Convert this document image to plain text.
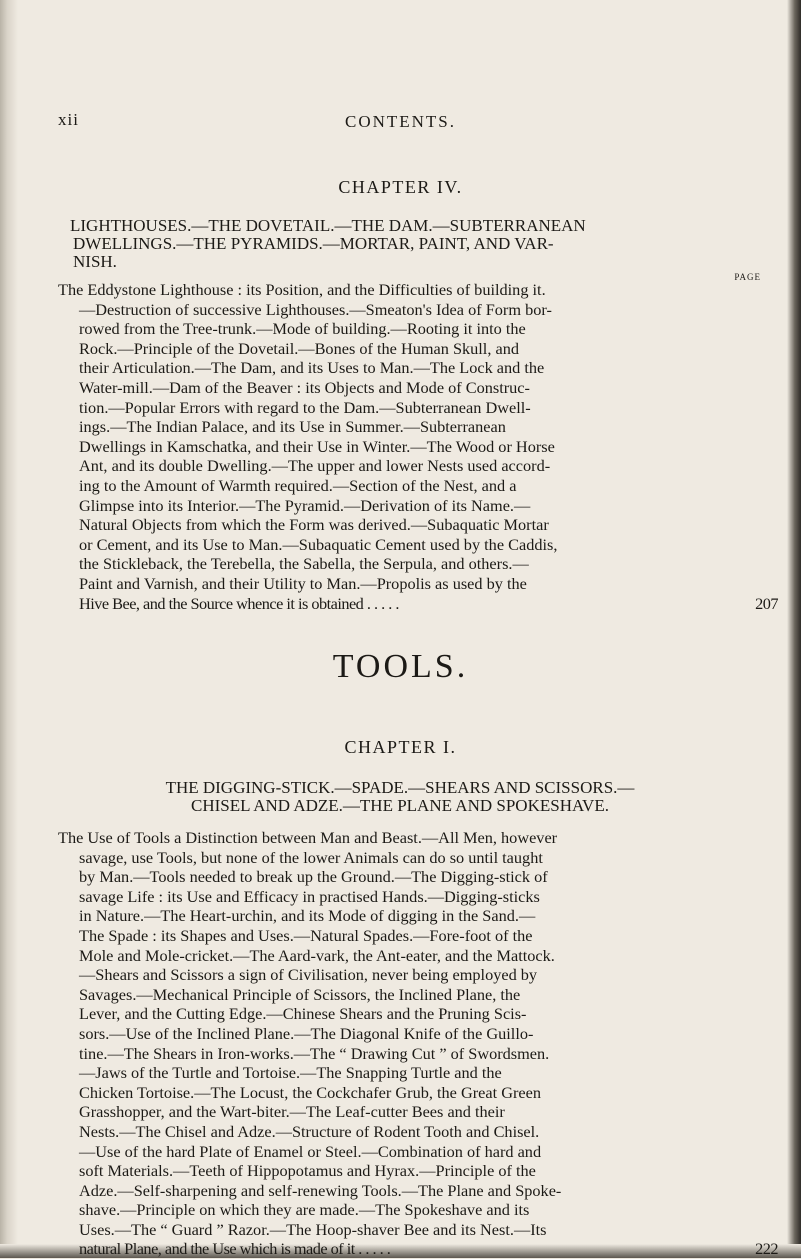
xii	CONTENTS.
CHAPTER IV.
LIGHTHOUSES.—THE DOVETAIL.—THE DAM.—SUBTERRANEAN
DWELLINGS.—THE PYRAMIDS.—MORTAR, PAINT, AND VAR-
NISH.
PAGE
The Eddystone Lighthouse : its Position, and the Difficulties of building it.
—Destruction of successive Lighthouses.—Smeaton's Idea of Form bor-
rowed from the Tree-trunk.—Mode of building.—Rooting it into the
Rock.—Principle of the Dovetail.—Bones of the Human Skull, and
their Articulation.—The Dam, and its Uses to Man.—The Lock and the
Water-mill.—Dam of the Beaver : its Objects and Mode of Construc-
tion.—Popular Errors with regard to the Dam.—Subterranean Dwell-
ings.—The Indian Palace, and its Use in Summer.—Subterranean
Dwellings in Kamschatka, and their Use in Winter.—The Wood or Horse
Ant, and its double Dwelling.—The upper and lower Nests used accord-
ing to the Amount of Warmth required.—Section of the Nest, and a
Glimpse into its Interior.—The Pyramid.—Derivation of its Name.—
Natural Objects from which the Form was derived.—Subaquatic Mortar
or Cement, and its Use to Man.—Subaquatic Cement used by the Caddis,
the Stickleback, the Terebella, the Sabella, the Serpula, and others.—
Paint and Varnish, and their Utility to Man.—Propolis as used by the
Hive Bee, and the Source whence it is obtained . . . . .	207
TOOLS.
CHAPTER I.
THE DIGGING-STICK.—SPADE.—SHEARS AND SCISSORS.—
CHISEL AND ADZE.—THE PLANE AND SPOKESHAVE.
The Use of Tools a Distinction between Man and Beast.—All Men, however
savage, use Tools, but none of the lower Animals can do so until taught
by Man.—Tools needed to break up the Ground.—The Digging-stick of
savage Life : its Use and Efficacy in practised Hands.—Digging-sticks
in Nature.—The Heart-urchin, and its Mode of digging in the Sand.—
The Spade : its Shapes and Uses.—Natural Spades.—Fore-foot of the
Mole and Mole-cricket.—The Aard-vark, the Ant-eater, and the Mattock.
—Shears and Scissors a sign of Civilisation, never being employed by
Savages.—Mechanical Principle of Scissors, the Inclined Plane, the
Lever, and the Cutting Edge.—Chinese Shears and the Pruning Scis-
sors.—Use of the Inclined Plane.—The Diagonal Knife of the Guillo-
tine.—The Shears in Iron-works.—The “ Drawing Cut ” of Swordsmen.
—Jaws of the Turtle and Tortoise.—The Snapping Turtle and the
Chicken Tortoise.—The Locust, the Cockchafer Grub, the Great Green
Grasshopper, and the Wart-biter.—The Leaf-cutter Bees and their
Nests.—The Chisel and Adze.—Structure of Rodent Tooth and Chisel.
—Use of the hard Plate of Enamel or Steel.—Combination of hard and
soft Materials.—Teeth of Hippopotamus and Hyrax.—Principle of the
Adze.—Self-sharpening and self-renewing Tools.—The Plane and Spoke-
shave.—Principle on which they are made.—The Spokeshave and its
Uses.—The “ Guard ” Razor.—The Hoop-shaver Bee and its Nest.—Its
natural Plane, and the Use which is made of it . . . . .	222
